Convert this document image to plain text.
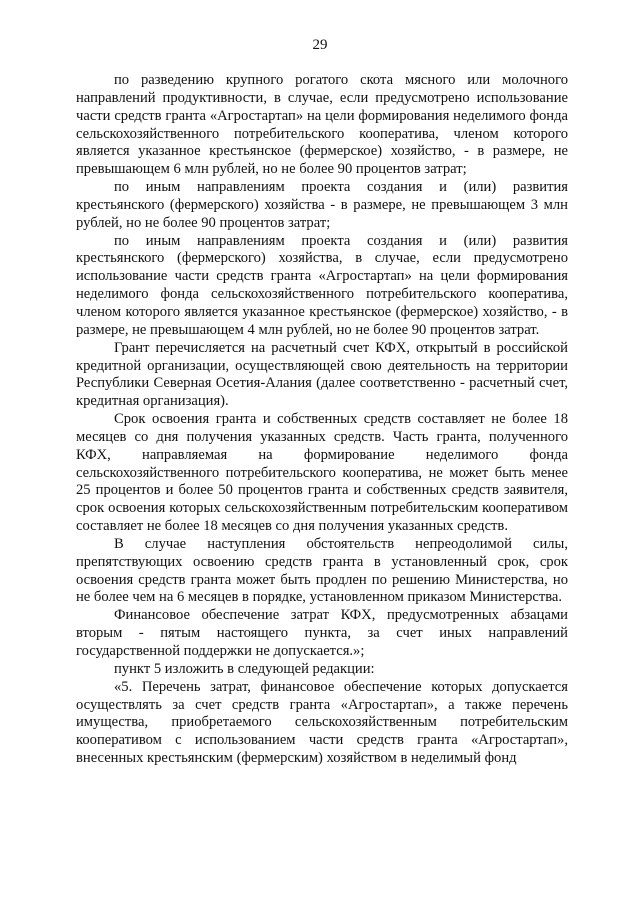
29

по разведению крупного рогатого скота мясного или молочного направлений продуктивности, в случае, если предусмотрено использование части средств гранта «Агростартап» на цели формирования неделимого фонда сельскохозяйственного потребительского кооператива, членом которого является указанное крестьянское (фермерское) хозяйство, - в размере, не превышающем 6 млн рублей, но не более 90 процентов затрат;

по иным направлениям проекта создания и (или) развития крестьянского (фермерского) хозяйства - в размере, не превышающем 3 млн рублей, но не более 90 процентов затрат;

по иным направлениям проекта создания и (или) развития крестьянского (фермерского) хозяйства, в случае, если предусмотрено использование части средств гранта «Агростартап» на цели формирования неделимого фонда сельскохозяйственного потребительского кооператива, членом которого является указанное крестьянское (фермерское) хозяйство, - в размере, не превышающем 4 млн рублей, но не более 90 процентов затрат.

Грант перечисляется на расчетный счет КФХ, открытый в российской кредитной организации, осуществляющей свою деятельность на территории Республики Северная Осетия-Алания (далее соответственно - расчетный счет, кредитная организация).

Срок освоения гранта и собственных средств составляет не более 18 месяцев со дня получения указанных средств. Часть гранта, полученного КФХ, направляемая на формирование неделимого фонда сельскохозяйственного потребительского кооператива, не может быть менее 25 процентов и более 50 процентов гранта и собственных средств заявителя, срок освоения которых сельскохозяйственным потребительским кооперативом составляет не более 18 месяцев со дня получения указанных средств.

В случае наступления обстоятельств непреодолимой силы, препятствующих освоению средств гранта в установленный срок, срок освоения средств гранта может быть продлен по решению Министерства, но не более чем на 6 месяцев в порядке, установленном приказом Министерства.

Финансовое обеспечение затрат КФХ, предусмотренных абзацами вторым - пятым настоящего пункта, за счет иных направлений государственной поддержки не допускается.»;

пункт 5 изложить в следующей редакции:

«5. Перечень затрат, финансовое обеспечение которых допускается осуществлять за счет средств гранта «Агростартап», а также перечень имущества, приобретаемого сельскохозяйственным потребительским кооперативом с использованием части средств гранта «Агростартап», внесенных крестьянским (фермерским) хозяйством в неделимый фонд
